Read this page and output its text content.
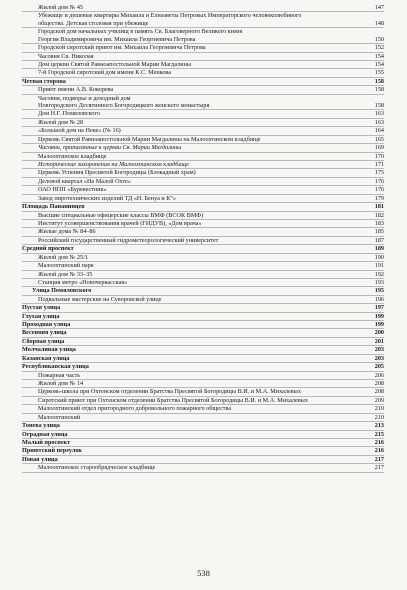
Жилой дом № 45	147
Убежище и дешевые квартиры Михаила и Елизаветы Петровых Императорского человеколюбивого
общества. Детская столовая при убежище	148
Городской дом начальных училищ в память Св. Благоверного Великого князя
Георгия Владимировича им. Михаила Георгиевича Петрова	150
Городской сиротский приют им. Михаила Георгиевича Петрова	152
Часовня Св. Николая	154
Дом церкви Святой Равноапостольной Марии Магдалины	154
7-й Городской сиротский дом имени К.С. Менкова	155
Четная сторона	158
Приют имени А.В. Кокорева	158
Часовня, подворье и доходный дом
Новгородского Десятинного Богородицкого женского монастыря	158
Дом Н.Г. Помяловского	163
Жилой дом № 28	163
«Большой дом на Неве» (№ 16)	164
Церковь Святой Равноапостольной Марии Магдалины на Малоохтинском кладбище	165
Часовни, приписанные к церкви Св. Марии Магдалины	169
Малоохтинское кладбище	170
Исторические захоронения на Малоохтинском кладбище	171
Церковь Успения Пресвятой Богородицы (Блокадный храм)	175
Деловой квартал «На Малой Охте»	176
ОАО НПП «Буревестник»	176
Завод пиротехнических изделий ТД «Н. Бенуа и К°»	179
Площадь Пананинцев	181
Высшие специальные офицерские классы ВМФ (ВСОК ВМФ)	182
Институт усовершенствования врачей (ГИДУВ), «Дом врача»	183
Жилые дома № 84–86	185
Российский государственный гидрометеорологический университет	187
Средний проспект	189
Жилой дом № 25/1	190
Малоохтинский парк	191
Жилой дом № 33–35	192
Станция метро «Новочеркасская»	193
Улица Помяловского	195
Подвальные мастерские на Суворовской улице	196
Пустая улица	197
Глухая улица	199
Проходная улица	199
Весенняя улица	200
Сборная улица	201
Молчаливая улица	203
Казанская улица	203
Республиканская улица	205
Пожарная часть	206
Жилой дом № 14	208
Церковь-школа при Охтенском отделении Братства Пресвятой Богородицы В.И. и М.А. Михалевых	208
Сиротский приют при Охтенском отделении Братства Пресвятой Богородицы В.И. и М.А. Михалевых	209
Малоохтинский отдел пригородного добровольного пожарного общества	210
Малоохтинский	210
Тонева улица	213
Оградная улица	215
Малый проспект	216
Приютский переулок	216
Новая улица	217
Малоохтинское старообрядческое кладбище	217
538
